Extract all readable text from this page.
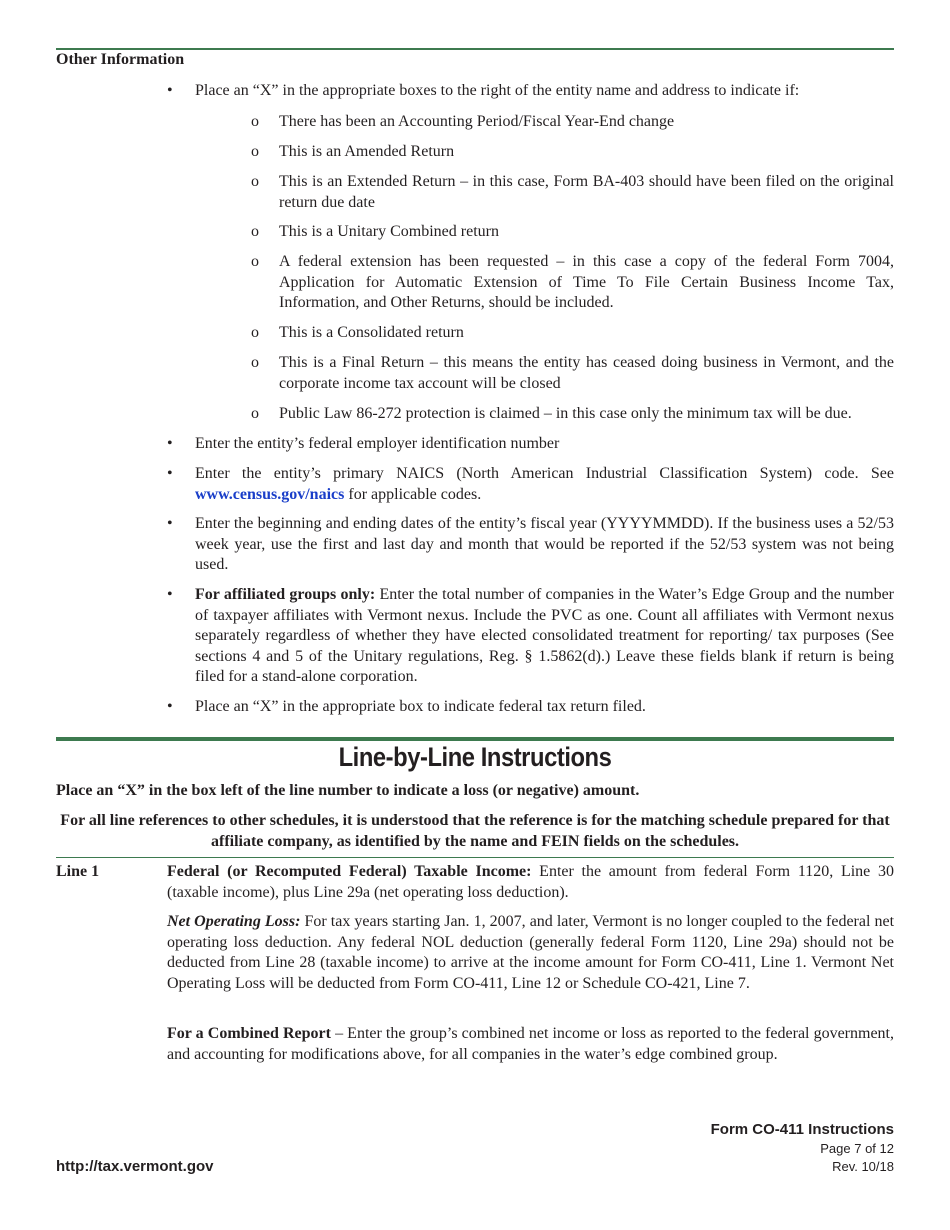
Other Information
• Place an “X” in the appropriate boxes to the right of the entity name and address to indicate if:
o There has been an Accounting Period/Fiscal Year-End change
o This is an Amended Return
o This is an Extended Return – in this case, Form BA-403 should have been filed on the original return due date
o This is a Unitary Combined return
o A federal extension has been requested – in this case a copy of the federal Form 7004, Application for Automatic Extension of Time To File Certain Business Income Tax, Information, and Other Returns, should be included.
o This is a Consolidated return
o This is a Final Return – this means the entity has ceased doing business in Vermont, and the corporate income tax account will be closed
o Public Law 86-272 protection is claimed – in this case only the minimum tax will be due.
• Enter the entity’s federal employer identification number
• Enter the entity’s primary NAICS (North American Industrial Classification System) code. See www.census.gov/naics for applicable codes.
• Enter the beginning and ending dates of the entity’s fiscal year (YYYYMMDD). If the business uses a 52/53 week year, use the first and last day and month that would be reported if the 52/53 system was not being used.
• For affiliated groups only: Enter the total number of companies in the Water’s Edge Group and the number of taxpayer affiliates with Vermont nexus. Include the PVC as one. Count all affiliates with Vermont nexus separately regardless of whether they have elected consolidated treatment for reporting/ tax purposes (See sections 4 and 5 of the Unitary regulations, Reg. § 1.5862(d).) Leave these fields blank if return is being filed for a stand-alone corporation.
• Place an “X” in the appropriate box to indicate federal tax return filed.
Line-by-Line Instructions
Place an “X” in the box left of the line number to indicate a loss (or negative) amount.
For all line references to other schedules, it is understood that the reference is for the matching schedule prepared for that affiliate company, as identified by the name and FEIN fields on the schedules.
Line 1	Federal (or Recomputed Federal) Taxable Income: Enter the amount from federal Form 1120, Line 30 (taxable income), plus Line 29a (net operating loss deduction).
Net Operating Loss: For tax years starting Jan. 1, 2007, and later, Vermont is no longer coupled to the federal net operating loss deduction. Any federal NOL deduction (generally federal Form 1120, Line 29a) should not be deducted from Line 28 (taxable income) to arrive at the income amount for Form CO-411, Line 1. Vermont Net Operating Loss will be deducted from Form CO-411, Line 12 or Schedule CO-421, Line 7.
For a Combined Report – Enter the group’s combined net income or loss as reported to the federal government, and accounting for modifications above, for all companies in the water’s edge combined group.
Form CO-411 Instructions
Page 7 of 12
Rev. 10/18
http://tax.vermont.gov
